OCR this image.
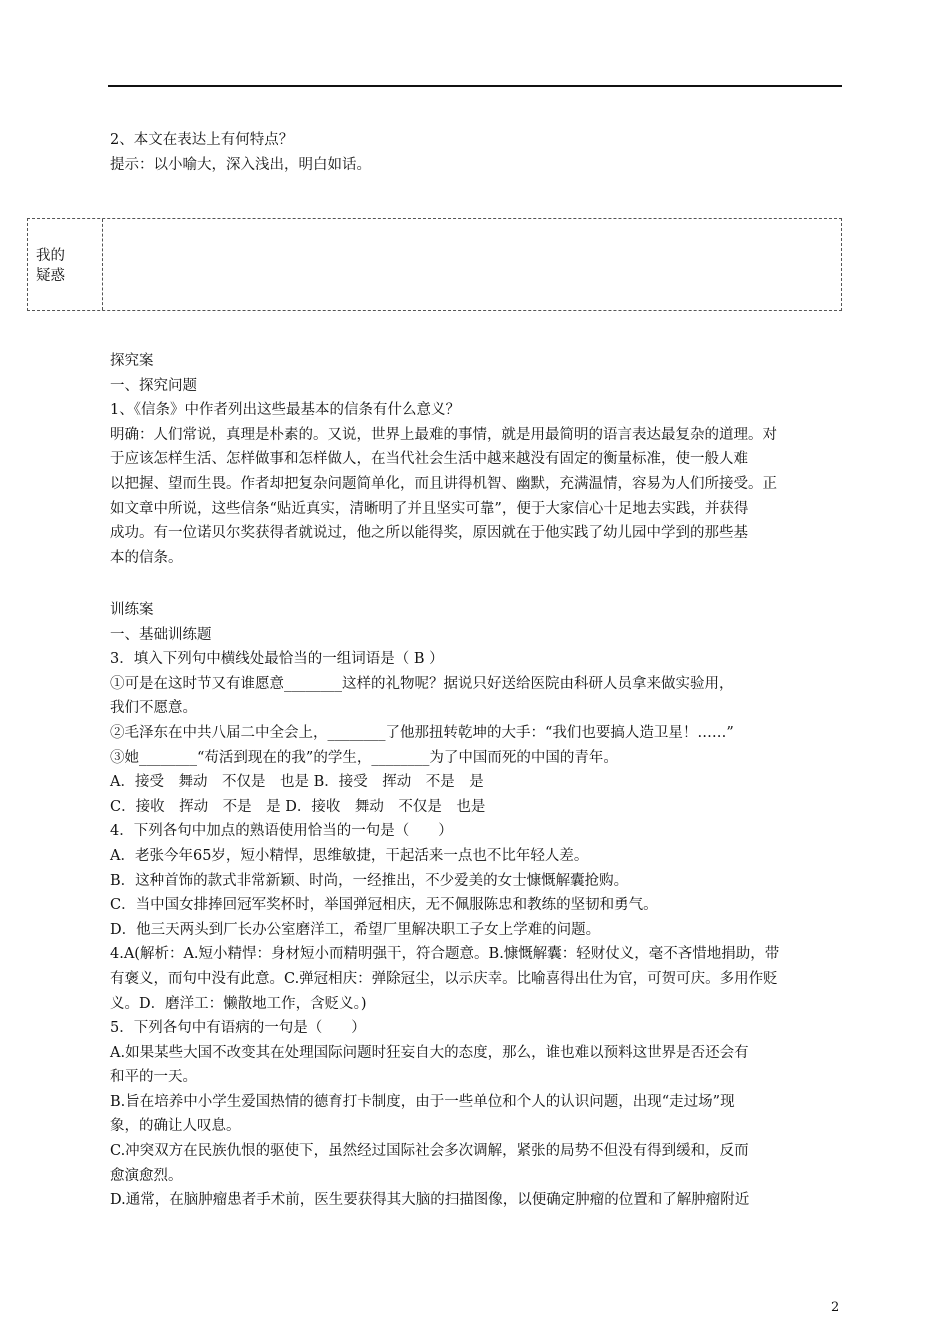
2、本文在表达上有何特点？

提示：以小喻大，深入浅出，明白如话。

我的
疑惑

探究案

一、探究问题

1、《信条》中作者列出这些最基本的信条有什么意义？

明确：人们常说，真理是朴素的。又说，世界上最难的事情，就是用最简明的语言表达最复杂的道理。对

于应该怎样生活、怎样做事和怎样做人，在当代社会生活中越来越没有固定的衡量标准，使一般人难

以把握、望而生畏。作者却把复杂问题简单化，而且讲得机智、幽默，充满温情，容易为人们所接受。正

如文章中所说，这些信条“贴近真实，清晰明了并且坚实可靠”，便于大家信心十足地去实践，并获得

成功。有一位诺贝尔奖获得者就说过，他之所以能得奖，原因就在于他实践了幼儿园中学到的那些基

本的信条。

训练案

一、基础训练题

3．填入下列句中横线处最恰当的一组词语是（ B ）

①可是在这时节又有谁愿意________这样的礼物呢？据说只好送给医院由科研人员拿来做实验用，

我们不愿意。

②毛泽东在中共八届二中全会上，________了他那扭转乾坤的大手：“我们也要搞人造卫星！……”

③她________“苟活到现在的我”的学生，________为了中国而死的中国的青年。

A．接受　舞动　不仅是　也是 B．接受　挥动　不是　是

C．接收　挥动　不是　是 D．接收　舞动　不仅是　也是

4．下列各句中加点的熟语使用恰当的一句是（　　）

A．老张今年65岁，短小精悍，思维敏捷，干起活来一点也不比年轻人差。

B．这种首饰的款式非常新颖、时尚，一经推出，不少爱美的女士慷慨解囊抢购。

C．当中国女排捧回冠军奖杯时，举国弹冠相庆，无不佩服陈忠和教练的坚韧和勇气。

D．他三天两头到厂长办公室磨洋工，希望厂里解决职工子女上学难的问题。

4.A(解析：A.短小精悍：身材短小而精明强干，符合题意。B.慷慨解囊：轻财仗义，毫不吝惜地捐助，带

有褒义，而句中没有此意。C.弹冠相庆：弹除冠尘，以示庆幸。比喻喜得出仕为官，可贺可庆。多用作贬

义。D．磨洋工：懒散地工作，含贬义。)

5．下列各句中有语病的一句是（　　）

A.如果某些大国不改变其在处理国际问题时狂妄自大的态度，那么，谁也难以预料这世界是否还会有

和平的一天。

B.旨在培养中小学生爱国热情的德育打卡制度，由于一些单位和个人的认识问题，出现“走过场”现

象，的确让人叹息。

C.冲突双方在民族仇恨的驱使下，虽然经过国际社会多次调解，紧张的局势不但没有得到缓和，反而

愈演愈烈。

D.通常，在脑肿瘤患者手术前，医生要获得其大脑的扫描图像，以便确定肿瘤的位置和了解肿瘤附近

2
